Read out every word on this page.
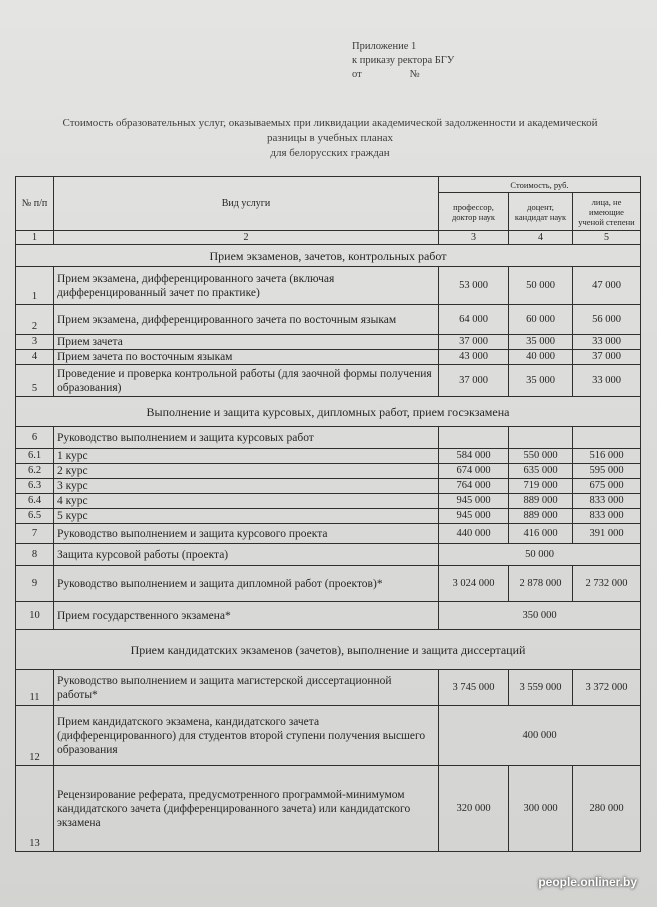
Приложение 1
к приказу ректора БГУ
от	№
Стоимость образовательных услуг, оказываемых при ликвидации академической задолженности и академической
разницы в учебных планах
для белорусских граждан
№ п/п	Вид услуги	Стоимость, руб.		
		профессор, доктор наук	доцент, кандидат наук	лица, не имеющие ученой степени
1	2	3	4	5
Прием экзаменов, зачетов, контрольных работ				
1	Прием экзамена, дифференцированного зачета (включая дифференцированный зачет по практике)	53 000	50 000	47 000
2	Прием экзамена, дифференцированного зачета по восточным языкам	64 000	60 000	56 000
3	Прием зачета	37 000	35 000	33 000
4	Прием зачета по восточным языкам	43 000	40 000	37 000
5	Проведение и проверка контрольной работы (для заочной формы получения образования)	37 000	35 000	33 000
Выполнение и защита курсовых, дипломных работ, прием госэкзамена				
6	Руководство выполнением и защита курсовых работ			
6.1	1 курс	584 000	550 000	516 000
6.2	2 курс	674 000	635 000	595 000
6.3	3 курс	764 000	719 000	675 000
6.4	4 курс	945 000	889 000	833 000
6.5	5 курс	945 000	889 000	833 000
7	Руководство выполнением и защита курсового проекта	440 000	416 000	391 000
8	Защита курсовой работы (проекта)	50 000		
9	Руководство выполнением и защита дипломной работ (проектов)*	3 024 000	2 878 000	2 732 000
10	Прием государственного экзамена*	350 000		
Прием кандидатских экзаменов (зачетов), выполнение и защита диссертаций				
11	Руководство выполнением и защита магистерской диссертационной работы*	3 745 000	3 559 000	3 372 000
12	Прием кандидатского экзамена, кандидатского зачета (дифференцированного) для студентов второй ступени получения высшего образования	400 000		
13	Рецензирование реферата, предусмотренного программой-минимумом кандидатского зачета (дифференцированного зачета) или кандидатского экзамена	320 000	300 000	280 000
people.onliner.by
